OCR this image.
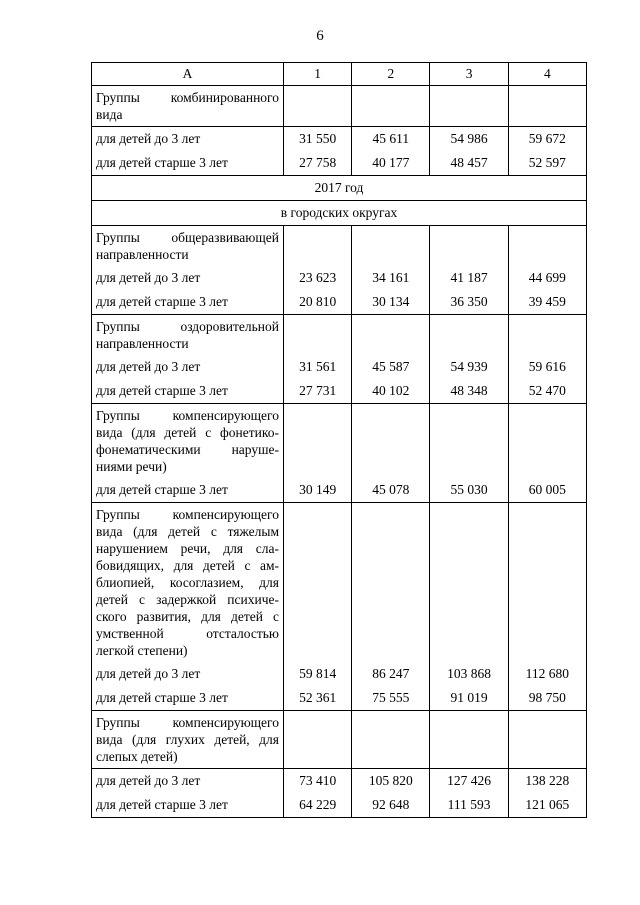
6
А	1	2	3	4
Группы комбинированного вида				
для детей до 3 лет	31 550	45 611	54 986	59 672
для детей старше 3 лет	27 758	40 177	48 457	52 597
2017 год				
в городских округах				
Группы общеразвивающей направленности				
для детей до 3 лет	23 623	34 161	41 187	44 699
для детей старше 3 лет	20 810	30 134	36 350	39 459
Группы оздоровительной направленности				
для детей до 3 лет	31 561	45 587	54 939	59 616
для детей старше 3 лет	27 731	40 102	48 348	52 470
Группы компенсирующего вида (для детей с фонетико-фонематическими наруше-ниями речи)				
для детей старше 3 лет	30 149	45 078	55 030	60 005
Группы компенсирующего вида (для детей с тяжелым нарушением речи, для сла-бовидящих, для детей с ам-блиопией, косоглазием, для детей с задержкой психиче-ского развития, для детей с умственной отсталостью легкой степени)				
для детей до 3 лет	59 814	86 247	103 868	112 680
для детей старше 3 лет	52 361	75 555	91 019	98 750
Группы компенсирующего вида (для глухих детей, для слепых детей)				
для детей до 3 лет	73 410	105 820	127 426	138 228
для детей старше 3 лет	64 229	92 648	111 593	121 065
